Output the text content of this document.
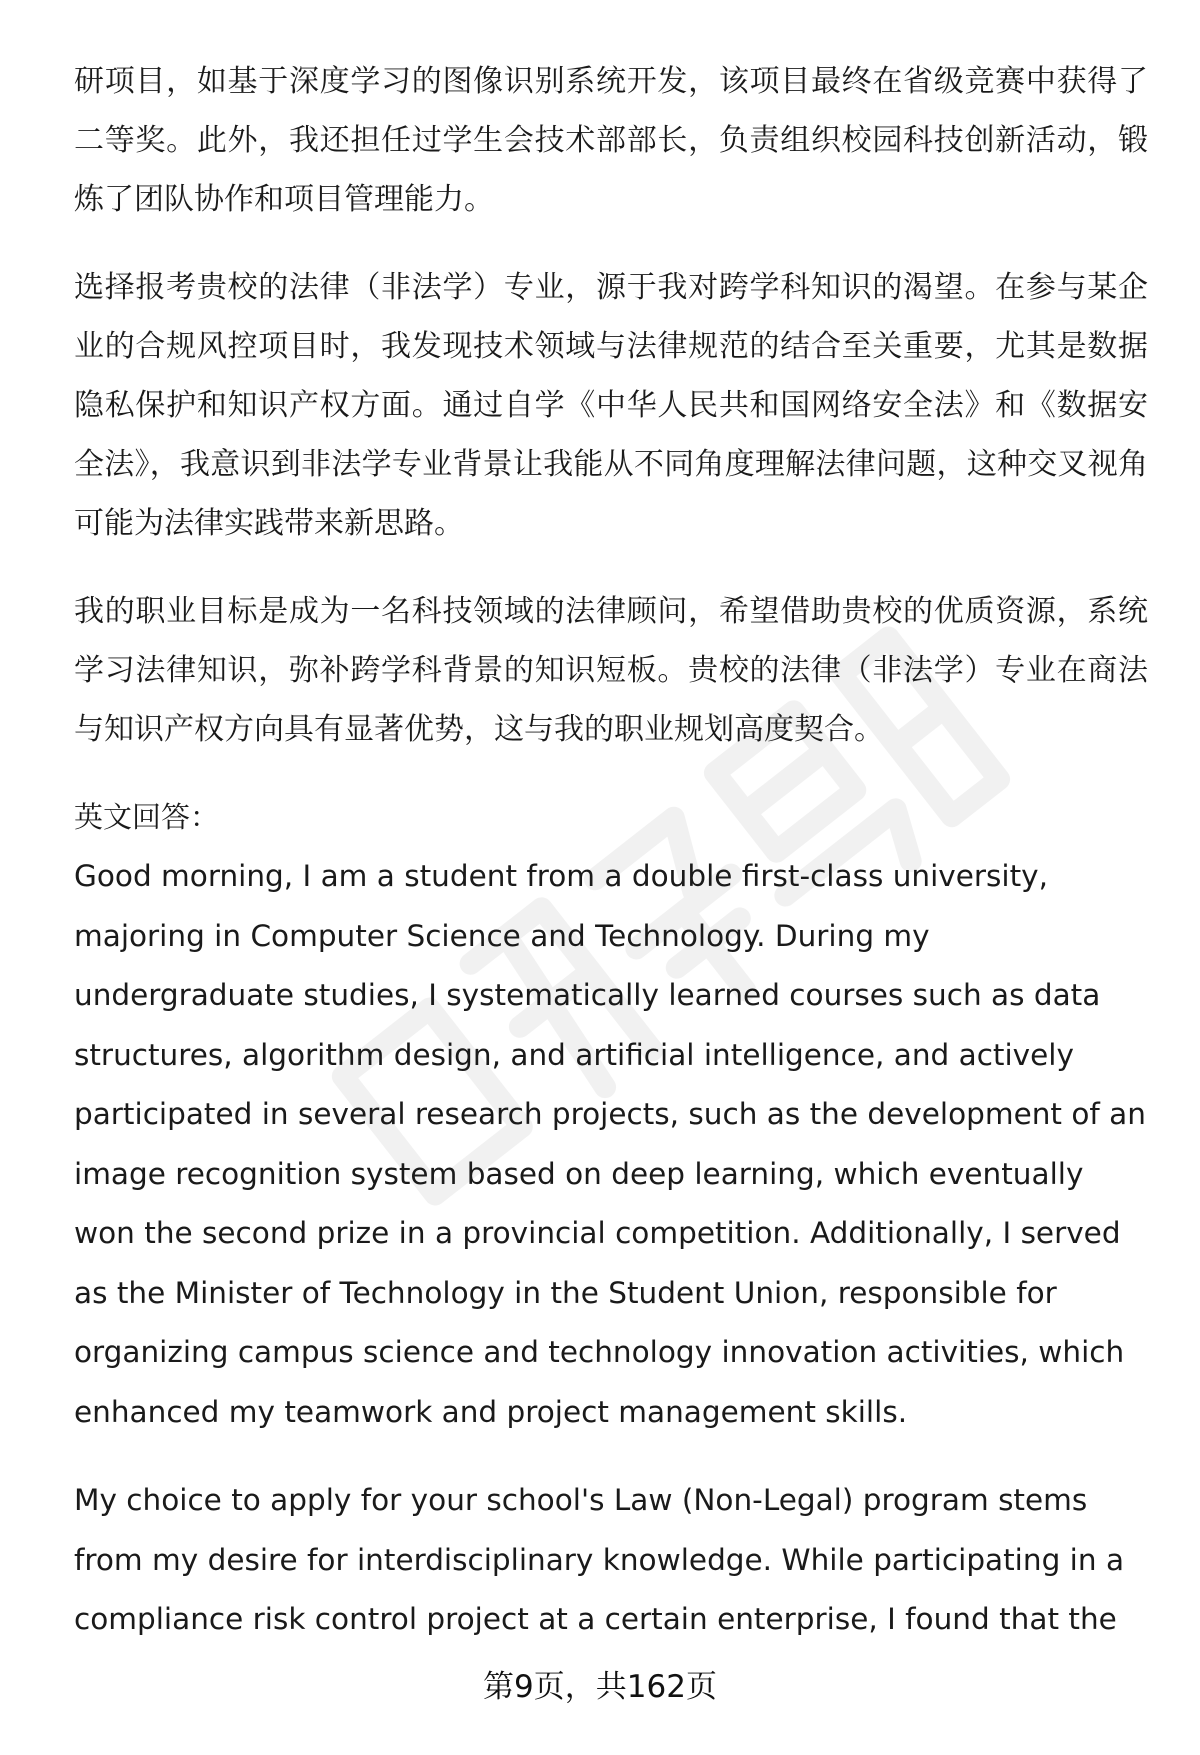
研项目，如基于深度学习的图像识别系统开发，该项目最终在省级竞赛中获得了二等奖。此外，我还担任过学生会技术部部长，负责组织校园科技创新活动，锻炼了团队协作和项目管理能力。

选择报考贵校的法律（非法学）专业，源于我对跨学科知识的渴望。在参与某企业的合规风控项目时，我发现技术领域与法律规范的结合至关重要，尤其是数据隐私保护和知识产权方面。通过自学《中华人民共和国网络安全法》和《数据安全法》，我意识到非法学专业背景让我能从不同角度理解法律问题，这种交叉视角可能为法律实践带来新思路。

我的职业目标是成为一名科技领域的法律顾问，希望借助贵校的优质资源，系统学习法律知识，弥补跨学科背景的知识短板。贵校的法律（非法学）专业在商法与知识产权方向具有显著优势，这与我的职业规划高度契合。

英文回答：

Good morning, I am a student from a double first-class university, majoring in Computer Science and Technology. During my undergraduate studies, I systematically learned courses such as data structures, algorithm design, and artificial intelligence, and actively participated in several research projects, such as the development of an image recognition system based on deep learning, which eventually won the second prize in a provincial competition. Additionally, I served as the Minister of Technology in the Student Union, responsible for organizing campus science and technology innovation activities, which enhanced my teamwork and project management skills.

My choice to apply for your school's Law (Non-Legal) program stems from my desire for interdisciplinary knowledge. While participating in a compliance risk control project at a certain enterprise, I found that the

第9页，共162页
